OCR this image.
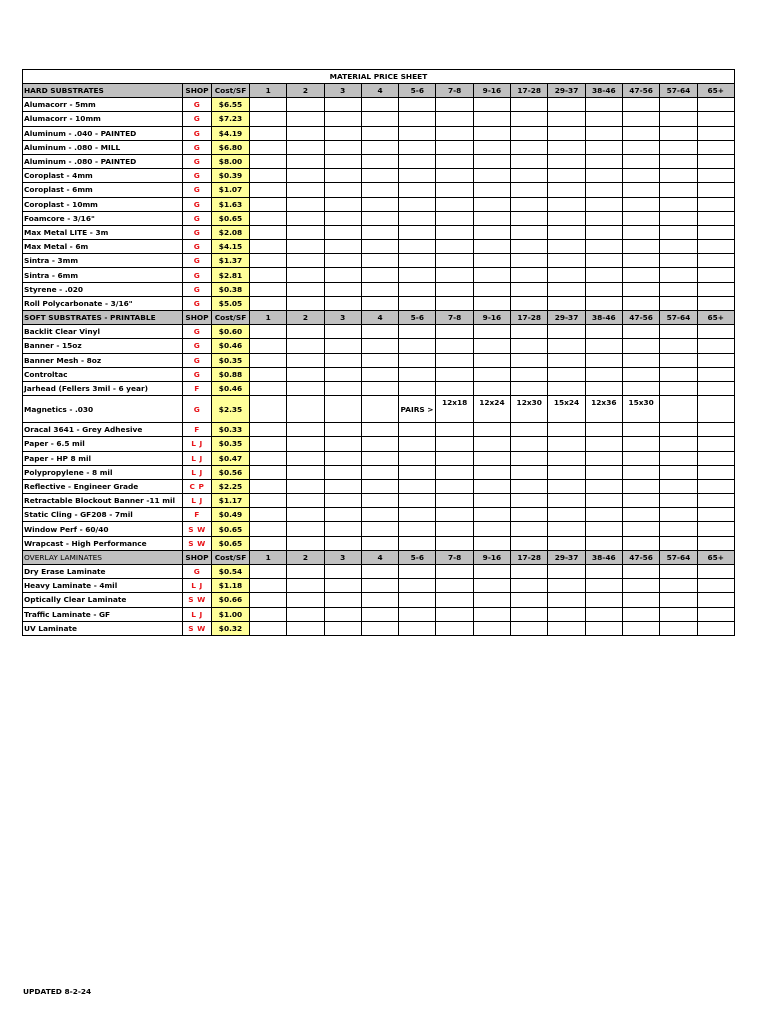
MATERIAL PRICE SHEET															
HARD SUBSTRATES	SHOP	Cost/SF	1	2	3	4	5-6	7-8	9-16	17-28	29-37	38-46	47-56	57-64	65+
Alumacorr - 5mm	G	$6.55													
Alumacorr - 10mm	G	$7.23													
Aluminum - .040 - PAINTED	G	$4.19													
Aluminum - .080 - MILL	G	$6.80													
Aluminum - .080 - PAINTED	G	$8.00													
Coroplast - 4mm	G	$0.39													
Coroplast - 6mm	G	$1.07													
Coroplast - 10mm	G	$1.63													
Foamcore - 3/16"	G	$0.65													
Max Metal LITE - 3m	G	$2.08													
Max Metal - 6m	G	$4.15													
Sintra - 3mm	G	$1.37													
Sintra - 6mm	G	$2.81													
Styrene - .020	G	$0.38													
Roll Polycarbonate - 3/16"	G	$5.05													
SOFT SUBSTRATES - PRINTABLE	SHOP	Cost/SF	1	2	3	4	5-6	7-8	9-16	17-28	29-37	38-46	47-56	57-64	65+
Backlit Clear Vinyl	G	$0.60													
Banner - 15oz	G	$0.46													
Banner Mesh - 8oz	G	$0.35													
Controltac	G	$0.88													
Jarhead (Fellers 3mil - 6 year)	F	$0.46													
Magnetics - .030	G	$2.35					PAIRS >	12x18	12x24	12x30	15x24	12x36	15x30		

Oracal 3641 - Grey Adhesive	F	$0.33													
Paper - 6.5 mil	L J	$0.35													
Paper - HP 8 mil	L J	$0.47													
Polypropylene - 8 mil	L J	$0.56													
Reflective - Engineer Grade	C P	$2.25													
Retractable Blockout Banner -11 mil	L J	$1.17													
Static Cling - GF208 - 7mil	F	$0.49													
Window Perf - 60/40	S W	$0.65													
Wrapcast - High Performance	S W	$0.65													
OVERLAY LAMINATES	SHOP	Cost/SF	1	2	3	4	5-6	7-8	9-16	17-28	29-37	38-46	47-56	57-64	65+
Dry Erase Laminate	G	$0.54													
Heavy Laminate - 4mil	L J	$1.18													
Optically Clear Laminate	S W	$0.66													
Traffic Laminate - GF	L J	$1.00													
UV Laminate	S W	$0.32													
UPDATED 8-2-24
